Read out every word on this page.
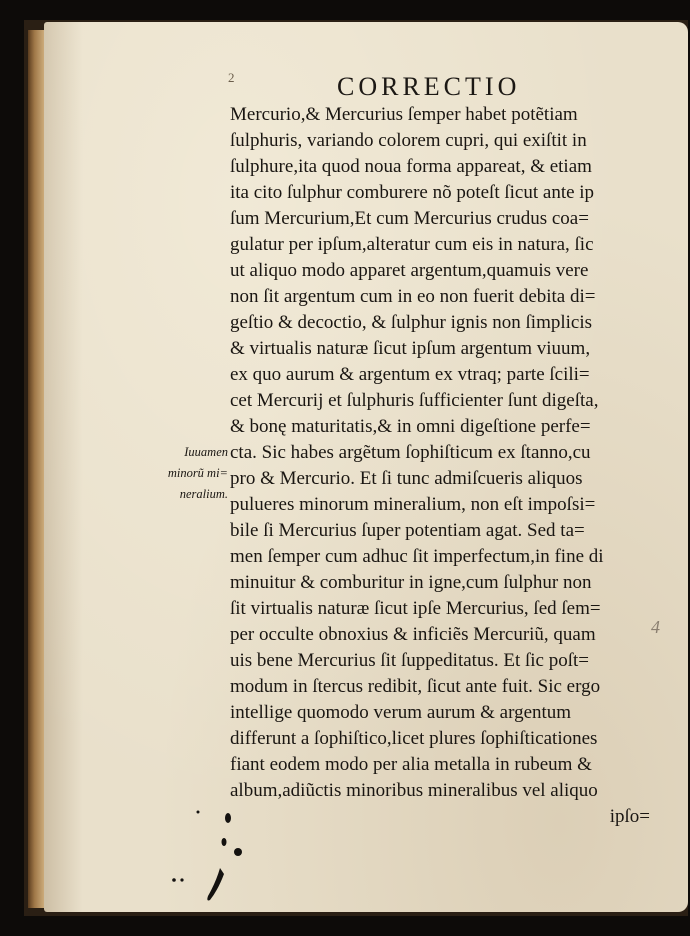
2	CORRECTIO
Mercurio,& Mercurius ſemper habet potẽtiam
ſulphuris, variando colorem cupri, qui exiſtit in
ſulphure,ita quod noua forma appareat, & etiam
ita cito ſulphur comburere nõ poteſt ſicut ante ip
ſum Mercurium,Et cum Mercurius crudus coa=
gulatur per ipſum,alteratur cum eis in natura, ſic
ut aliquo modo apparet argentum,quamuis vere
non ſit argentum cum in eo non fuerit debita di=
geſtio & decoctio, & ſulphur ignis non ſimplicis
& virtualis naturæ ſicut ipſum argentum viuum,
ex quo aurum & argentum ex vtraq; parte ſcili=
cet Mercurij et ſulphuris ſufficienter ſunt digeſta,
& bonę maturitatis,& in omni digeſtione perfe=
cta. Sic habes argẽtum ſophiſticum ex ſtanno,cu
pro & Mercurio. Et ſi tunc admiſcueris aliquos
pulueres minorum mineralium, non eſt impoſsi=
bile ſi Mercurius ſuper potentiam agat. Sed ta=
men ſemper cum adhuc ſit imperfectum,in fine di
minuitur & comburitur in igne,cum ſulphur non
ſit virtualis naturæ ſicut ipſe Mercurius, ſed ſem=
per occulte obnoxius & inficiẽs Mercuriũ, quam
uis bene Mercurius ſit ſuppeditatus. Et ſic poſt=
modum in ſtercus redibit, ſicut ante fuit. Sic ergo
intellige quomodo verum aurum & argentum
differunt a ſophiſtico,licet plures ſophiſticationes
fiant eodem modo per alia metalla in rubeum &
album,adiũctis minoribus mineralibus vel aliquo
ipſo=
Iuuamen
minorũ mi=
neralium.
4
